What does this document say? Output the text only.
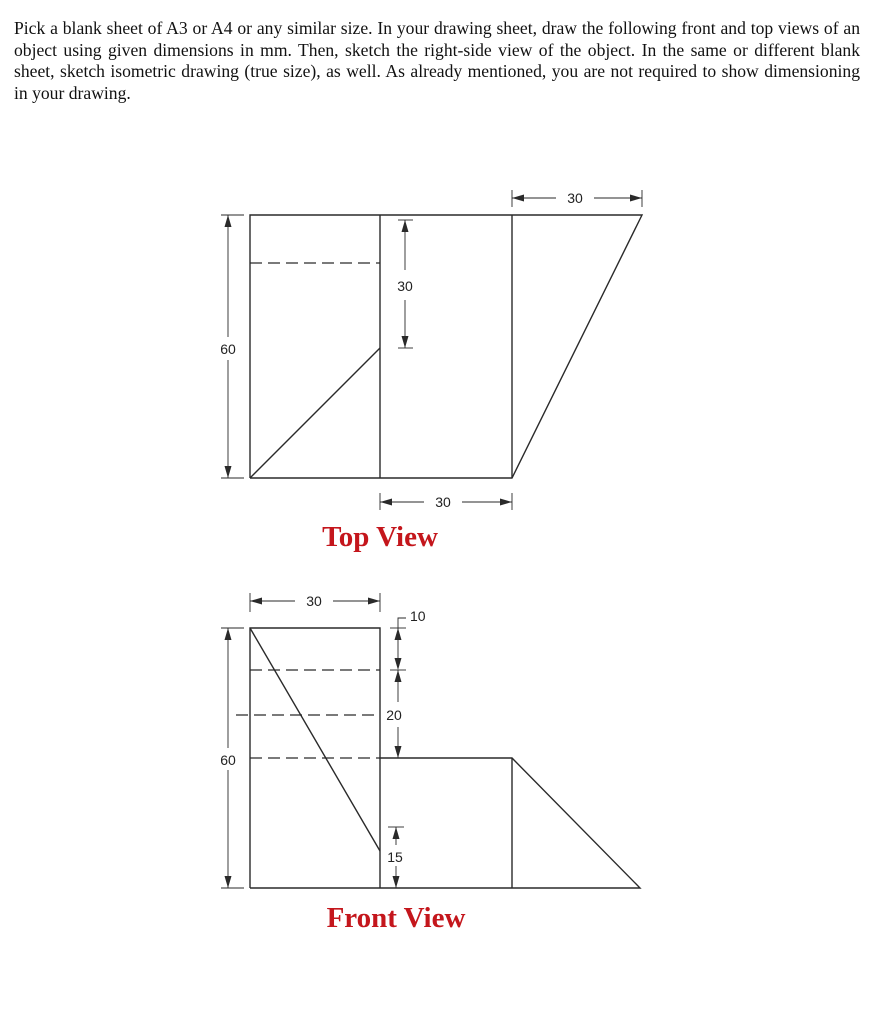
Pick a blank sheet of A3 or A4 or any similar size. In your drawing sheet, draw the following front and top views of an object using given dimensions in mm. Then, sketch the right-side view of the object. In the same or different blank sheet, sketch isometric drawing (true size), as well. As already mentioned, you are not required to show dimensioning in your drawing.
30
30
60
30
Top View
30
10
20
60
15
Front View
